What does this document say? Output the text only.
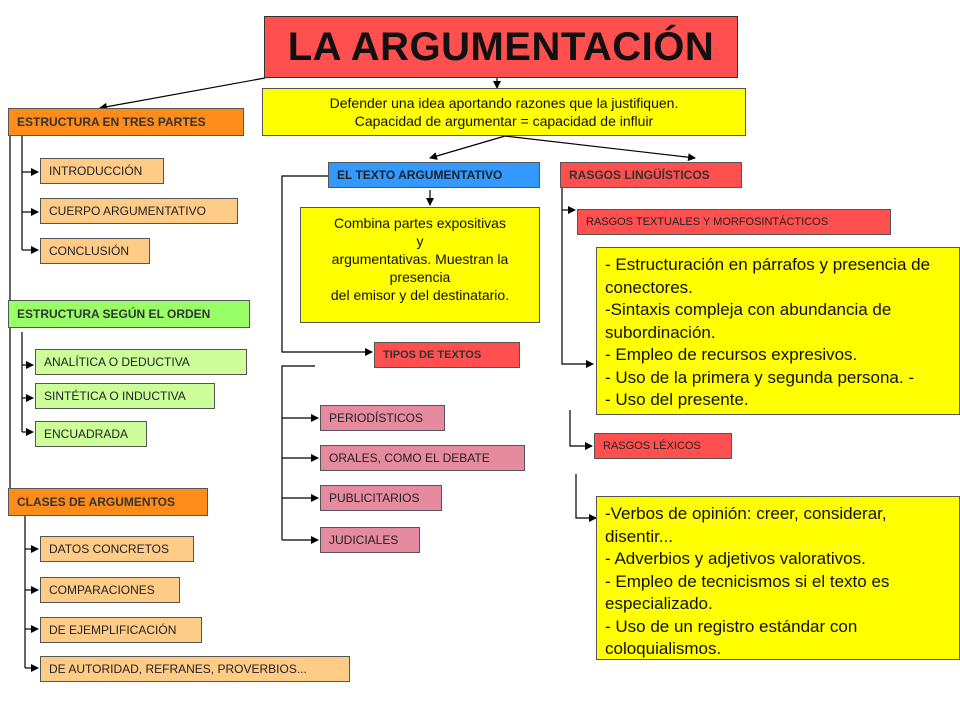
LA ARGUMENTACIÓN
Defender una idea aportando razones que la justifiquen.
Capacidad de argumentar = capacidad de influir
ESTRUCTURA EN TRES PARTES
INTRODUCCIÓN
CUERPO ARGUMENTATIVO
CONCLUSIÓN
ESTRUCTURA SEGÚN EL ORDEN
ANALÍTICA O DEDUCTIVA
SINTÉTICA O INDUCTIVA
ENCUADRADA
CLASES DE ARGUMENTOS
DATOS CONCRETOS
COMPARACIONES
DE EJEMPLIFICACIÓN
DE AUTORIDAD, REFRANES, PROVERBIOS...
EL TEXTO ARGUMENTATIVO
Combina partes expositivas
y
argumentativas. Muestran la
presencia
del emisor y del destinatario.
TIPOS DE TEXTOS
PERIODÍSTICOS
ORALES, COMO EL DEBATE
PUBLICITARIOS
JUDICIALES
RASGOS LINGÜÍSTICOS
RASGOS TEXTUALES Y MORFOSINTÁCTICOS
- Estructuración en párrafos y presencia de conectores.
-Sintaxis compleja con abundancia de subordinación.
- Empleo de recursos expresivos.
- Uso de la primera y segunda persona. -
- Uso del presente.
RASGOS LÉXICOS
-Verbos de opinión: creer, considerar, disentir...
- Adverbios y adjetivos valorativos.
- Empleo de tecnicismos si el texto es especializado.
- Uso de un registro estándar con coloquialismos.
